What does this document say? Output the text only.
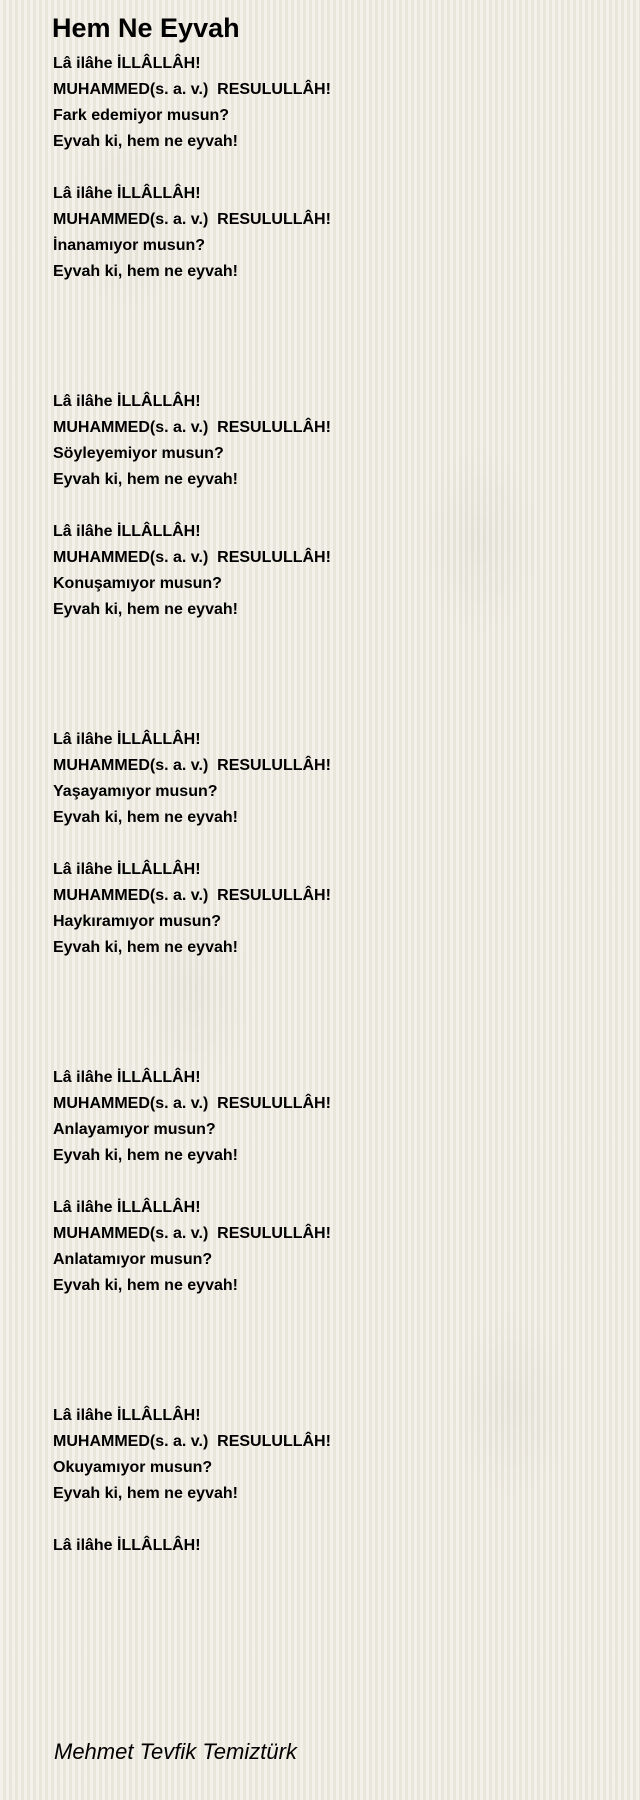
Hem Ne Eyvah
Lâ ilâhe İLLÂLLÂH!
MUHAMMED(s. a. v.)  RESULULLÂH!
Fark edemiyor musun?
Eyvah ki, hem ne eyvah!
Lâ ilâhe İLLÂLLÂH!
MUHAMMED(s. a. v.)  RESULULLÂH!
İnanamıyor musun?
Eyvah ki, hem ne eyvah!
Lâ ilâhe İLLÂLLÂH!
MUHAMMED(s. a. v.)  RESULULLÂH!
Söyleyemiyor musun?
Eyvah ki, hem ne eyvah!
Lâ ilâhe İLLÂLLÂH!
MUHAMMED(s. a. v.)  RESULULLÂH!
Konuşamıyor musun?
Eyvah ki, hem ne eyvah!
Lâ ilâhe İLLÂLLÂH!
MUHAMMED(s. a. v.)  RESULULLÂH!
Yaşayamıyor musun?
Eyvah ki, hem ne eyvah!
Lâ ilâhe İLLÂLLÂH!
MUHAMMED(s. a. v.)  RESULULLÂH!
Haykıramıyor musun?
Eyvah ki, hem ne eyvah!
Lâ ilâhe İLLÂLLÂH!
MUHAMMED(s. a. v.)  RESULULLÂH!
Anlayamıyor musun?
Eyvah ki, hem ne eyvah!
Lâ ilâhe İLLÂLLÂH!
MUHAMMED(s. a. v.)  RESULULLÂH!
Anlatamıyor musun?
Eyvah ki, hem ne eyvah!
Lâ ilâhe İLLÂLLÂH!
MUHAMMED(s. a. v.)  RESULULLÂH!
Okuyamıyor musun?
Eyvah ki, hem ne eyvah!
Lâ ilâhe İLLÂLLÂH!
Mehmet Tevfik Temiztürk
